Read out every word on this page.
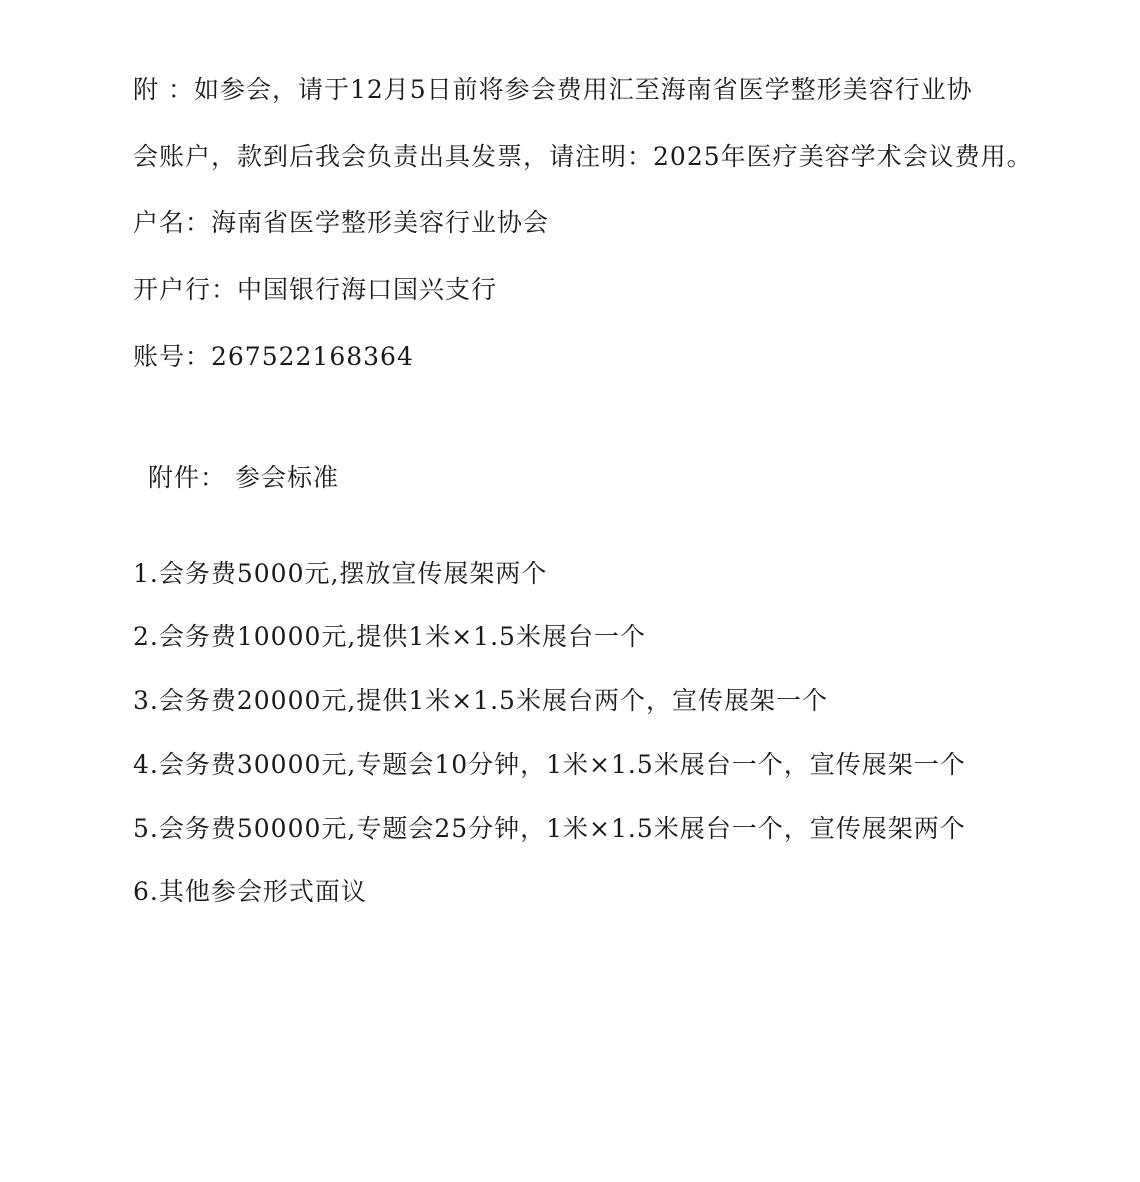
附 ：如参会，请于12月5日前将参会费用汇至海南省医学整形美容行业协
会账户，款到后我会负责出具发票，请注明：2025年医疗美容学术会议费用。
户名：海南省医学整形美容行业协会
开户行：中国银行海口国兴支行
账号：267522168364
附件： 参会标准
1.会务费5000元,摆放宣传展架两个
2.会务费10000元,提供1米×1.5米展台一个
3.会务费20000元,提供1米×1.5米展台两个，宣传展架一个
4.会务费30000元,专题会10分钟，1米×1.5米展台一个，宣传展架一个
5.会务费50000元,专题会25分钟，1米×1.5米展台一个，宣传展架两个
6.其他参会形式面议
